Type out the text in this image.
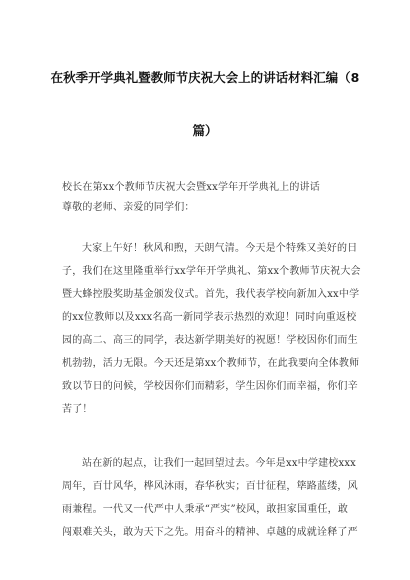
在秋季开学典礼暨教师节庆祝大会上的讲话材料汇编（8
篇）
校长在第xx个教师节庆祝大会暨xx学年开学典礼上的讲话
尊敬的老师、亲爱的同学们：
大家上午好！秋风和煦，天朗气清。今天是个特殊又美好的日
子，我们在这里隆重举行xx学年开学典礼、第xx个教师节庆祝大会
暨大蜂控股奖助基金颁发仪式。首先，我代表学校向新加入xx中学
的xx位教师以及xxx名高一新同学表示热烈的欢迎！同时向重返校
园的高二、高三的同学，表达新学期美好的祝愿！学校因你们而生
机勃勃，活力无限。今天还是第xx个教师节，在此我要向全体教师
致以节日的问候，学校因你们而精彩，学生因你们而幸福，你们辛
苦了！
站在新的起点，让我们一起回望过去。今年是xx中学建校xxx
周年，百廿风华，桦风沐雨，春华秋实；百廿征程，筚路蓝缕，风
雨兼程。一代又一代严中人秉承“严实”校风，敢担家国重任，敢
闯艰难关头，敢为天下之先。用奋斗的精神、卓越的成就诠释了严
